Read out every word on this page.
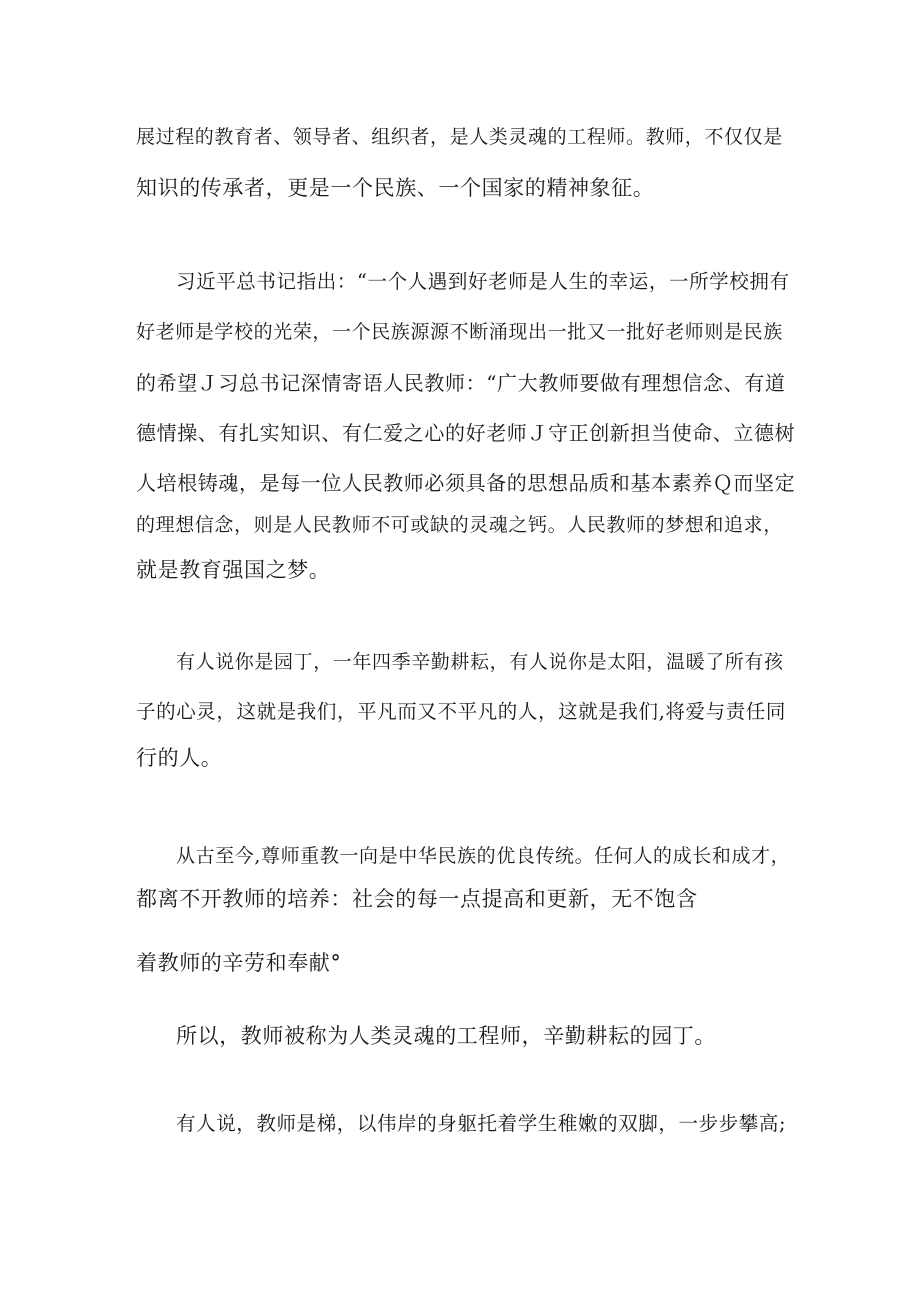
展过程的教育者、领导者、组织者，是人类灵魂的工程师。教师，不仅仅是
知识的传承者，更是一个民族、一个国家的精神象征。
习近平总书记指出：“一个人遇到好老师是人生的幸运，一所学校拥有
好老师是学校的光荣，一个民族源源不断涌现出一批又一批好老师则是民族
的希望Ｊ习总书记深情寄语人民教师：“广大教师要做有理想信念、有道
德情操、有扎实知识、有仁爱之心的好老师Ｊ守正创新担当使命、立德树
人培根铸魂，是每一位人民教师必须具备的思想品质和基本素养Ｑ而坚定
的理想信念，则是人民教师不可或缺的灵魂之钙。人民教师的梦想和追求，
就是教育强国之梦。
有人说你是园丁，一年四季辛勤耕耘，有人说你是太阳，温暖了所有孩
子的心灵，这就是我们，平凡而又不平凡的人，这就是我们,将爱与责任同
行的人。
从古至今,尊师重教一向是中华民族的优良传统。任何人的成长和成才，
都离不开教师的培养：社会的每一点提高和更新，无不饱含
着教师的辛劳和奉献°
所以，教师被称为人类灵魂的工程师，辛勤耕耘的园丁。
有人说，教师是梯，以伟岸的身躯托着学生稚嫩的双脚，一步步攀高;
